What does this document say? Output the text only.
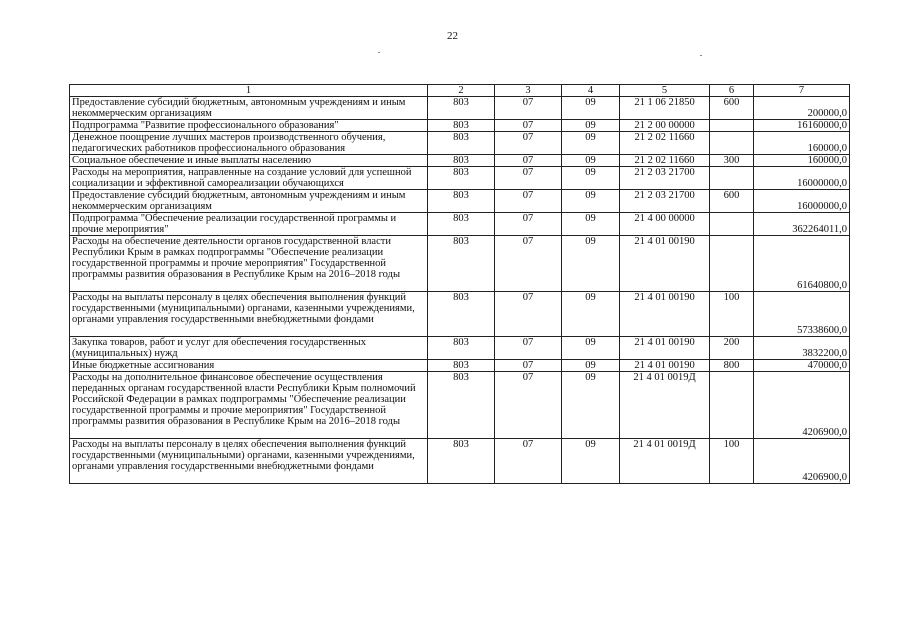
22
1	2	3	4	5	6	7
Предоставление субсидий бюджетным, автономным учреждениям и иным некоммерческим организациям	803	07	09	21 1 06 21850	600	200000,0
Подпрограмма "Развитие профессионального образования"	803	07	09	21 2 00 00000		16160000,0
Денежное поощрение лучших мастеров производственного обучения, педагогических работников профессионального образования	803	07	09	21 2 02 11660		160000,0
Социальное обеспечение и иные выплаты населению	803	07	09	21 2 02 11660	300	160000,0
Расходы на мероприятия, направленные на создание условий для успешной социализации и эффективной самореализации обучающихся	803	07	09	21 2 03 21700		16000000,0
Предоставление субсидий бюджетным, автономным учреждениям и иным некоммерческим организациям	803	07	09	21 2 03 21700	600	16000000,0
Подпрограмма "Обеспечение реализации государственной программы и прочие мероприятия"	803	07	09	21 4 00 00000		362264011,0
Расходы на обеспечение деятельности органов государственной власти Республики Крым в рамках подпрограммы "Обеспечение реализации государственной программы и прочие мероприятия" Государственной программы развития образования в Республике Крым на 2016–2018 годы	803	07	09	21 4 01 00190		61640800,0
Расходы на выплаты персоналу в целях обеспечения выполнения функций государственными (муниципальными) органами, казенными учреждениями, органами управления государственными внебюджетными фондами	803	07	09	21 4 01 00190	100	57338600,0
Закупка товаров, работ и услуг для обеспечения государственных (муниципальных) нужд	803	07	09	21 4 01 00190	200	3832200,0
Иные бюджетные ассигнования	803	07	09	21 4 01 00190	800	470000,0
Расходы на дополнительное финансовое обеспечение осуществления переданных органам государственной власти Республики Крым полномочий Российской Федерации в рамках подпрограммы "Обеспечение реализации государственной программы и прочие мероприятия" Государственной программы развития образования в Республике Крым на 2016–2018 годы	803	07	09	21 4 01 0019Д		4206900,0
Расходы на выплаты персоналу в целях обеспечения выполнения функций государственными (муниципальными) органами, казенными учреждениями, органами управления государственными внебюджетными фондами	803	07	09	21 4 01 0019Д	100	4206900,0
